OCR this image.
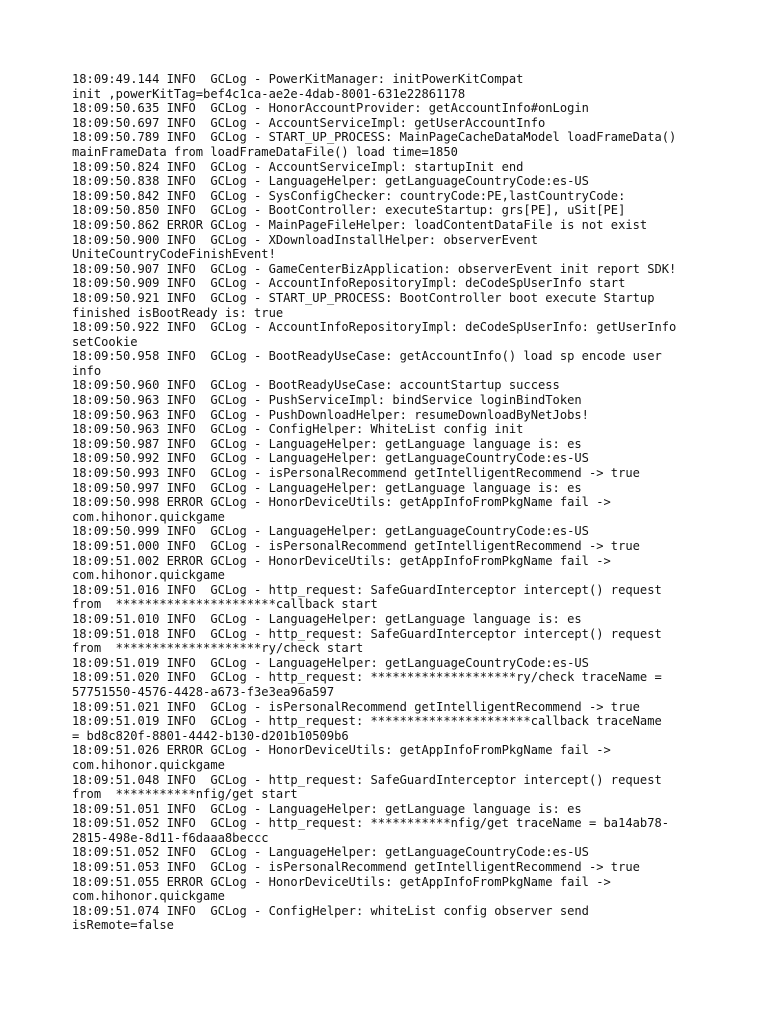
18:09:49.144 INFO  GCLog - PowerKitManager: initPowerKitCompat
init ,powerKitTag=bef4c1ca-ae2e-4dab-8001-631e22861178
18:09:50.635 INFO  GCLog - HonorAccountProvider: getAccountInfo#onLogin
18:09:50.697 INFO  GCLog - AccountServiceImpl: getUserAccountInfo
18:09:50.789 INFO  GCLog - START_UP_PROCESS: MainPageCacheDataModel loadFrameData()
mainFrameData from loadFrameDataFile() load time=1850
18:09:50.824 INFO  GCLog - AccountServiceImpl: startupInit end
18:09:50.838 INFO  GCLog - LanguageHelper: getLanguageCountryCode:es-US
18:09:50.842 INFO  GCLog - SysConfigChecker: countryCode:PE,lastCountryCode:
18:09:50.850 INFO  GCLog - BootController: executeStartup: grs[PE], uSit[PE]
18:09:50.862 ERROR GCLog - MainPageFileHelper: loadContentDataFile is not exist
18:09:50.900 INFO  GCLog - XDownloadInstallHelper: observerEvent
UniteCountryCodeFinishEvent!
18:09:50.907 INFO  GCLog - GameCenterBizApplication: observerEvent init report SDK!
18:09:50.909 INFO  GCLog - AccountInfoRepositoryImpl: deCodeSpUserInfo start
18:09:50.921 INFO  GCLog - START_UP_PROCESS: BootController boot execute Startup
finished isBootReady is: true
18:09:50.922 INFO  GCLog - AccountInfoRepositoryImpl: deCodeSpUserInfo: getUserInfo
setCookie
18:09:50.958 INFO  GCLog - BootReadyUseCase: getAccountInfo() load sp encode user
info
18:09:50.960 INFO  GCLog - BootReadyUseCase: accountStartup success
18:09:50.963 INFO  GCLog - PushServiceImpl: bindService loginBindToken
18:09:50.963 INFO  GCLog - PushDownloadHelper: resumeDownloadByNetJobs!
18:09:50.963 INFO  GCLog - ConfigHelper: WhiteList config init
18:09:50.987 INFO  GCLog - LanguageHelper: getLanguage language is: es
18:09:50.992 INFO  GCLog - LanguageHelper: getLanguageCountryCode:es-US
18:09:50.993 INFO  GCLog - isPersonalRecommend getIntelligentRecommend -> true
18:09:50.997 INFO  GCLog - LanguageHelper: getLanguage language is: es
18:09:50.998 ERROR GCLog - HonorDeviceUtils: getAppInfoFromPkgName fail ->
com.hihonor.quickgame
18:09:50.999 INFO  GCLog - LanguageHelper: getLanguageCountryCode:es-US
18:09:51.000 INFO  GCLog - isPersonalRecommend getIntelligentRecommend -> true
18:09:51.002 ERROR GCLog - HonorDeviceUtils: getAppInfoFromPkgName fail ->
com.hihonor.quickgame
18:09:51.016 INFO  GCLog - http_request: SafeGuardInterceptor intercept() request
from  **********************callback start
18:09:51.010 INFO  GCLog - LanguageHelper: getLanguage language is: es
18:09:51.018 INFO  GCLog - http_request: SafeGuardInterceptor intercept() request
from  ********************ry/check start
18:09:51.019 INFO  GCLog - LanguageHelper: getLanguageCountryCode:es-US
18:09:51.020 INFO  GCLog - http_request: ********************ry/check traceName =
57751550-4576-4428-a673-f3e3ea96a597
18:09:51.021 INFO  GCLog - isPersonalRecommend getIntelligentRecommend -> true
18:09:51.019 INFO  GCLog - http_request: **********************callback traceName
= bd8c820f-8801-4442-b130-d201b10509b6
18:09:51.026 ERROR GCLog - HonorDeviceUtils: getAppInfoFromPkgName fail ->
com.hihonor.quickgame
18:09:51.048 INFO  GCLog - http_request: SafeGuardInterceptor intercept() request
from  ***********nfig/get start
18:09:51.051 INFO  GCLog - LanguageHelper: getLanguage language is: es
18:09:51.052 INFO  GCLog - http_request: ***********nfig/get traceName = ba14ab78-
2815-498e-8d11-f6daaa8beccc
18:09:51.052 INFO  GCLog - LanguageHelper: getLanguageCountryCode:es-US
18:09:51.053 INFO  GCLog - isPersonalRecommend getIntelligentRecommend -> true
18:09:51.055 ERROR GCLog - HonorDeviceUtils: getAppInfoFromPkgName fail ->
com.hihonor.quickgame
18:09:51.074 INFO  GCLog - ConfigHelper: whiteList config observer send
isRemote=false
